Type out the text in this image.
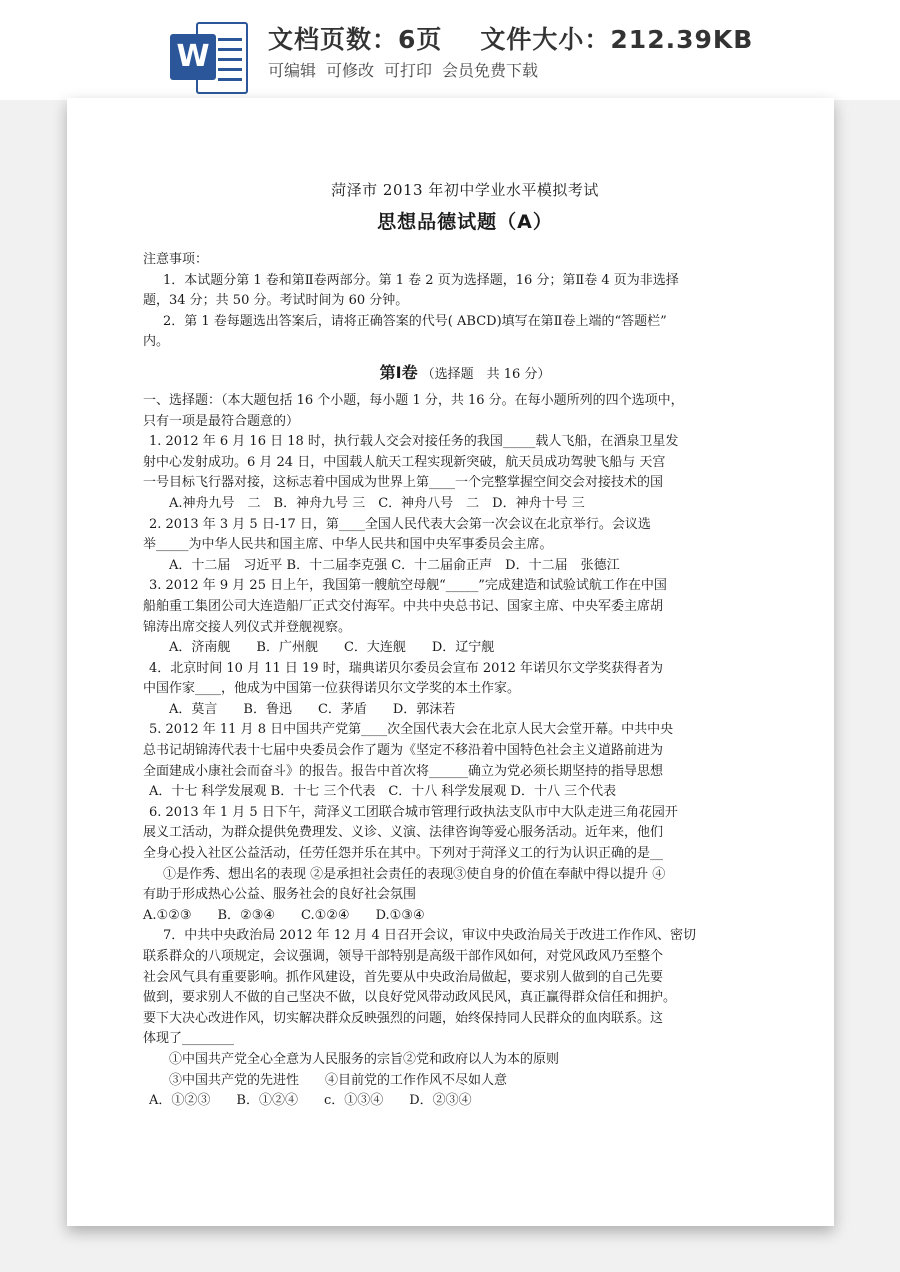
W 文档页数：6页 文件大小：212.39KB
可编辑 可修改 可打印 会员免费下载
菏泽市 2013 年初中学业水平模拟考试
思想品德试题（A）
注意事项：
1．本试题分第 1 卷和第Ⅱ卷两部分。第 1 卷 2 页为选择题，16 分；第Ⅱ卷 4 页为非选择
题，34 分；共 50 分。考试时间为 60 分钟。
2．第 1 卷每题选出答案后，请将正确答案的代号( ABCD)填写在第Ⅱ卷上端的“答题栏”
内。
第Ⅰ卷 （选择题　共 16 分）
一、选择题：（本大题包括 16 个小题，每小题 1 分，共 16 分。在每小题所列的四个选项中，
只有一项是最符合题意的）
1. 2012 年 6 月 16 日 18 时，执行载人交会对接任务的我国_____载人飞船，在酒泉卫星发
射中心发射成功。6 月 24 日，中国载人航天工程实现新突破，航天员成功驾驶飞船与 天宫
一号目标飞行器对接，这标志着中国成为世界上第____一个完整掌握空间交会对接技术的国
A.神舟九号　二　B．神舟九号 三　C．神舟八号　二　D．神舟十号 三
2. 2013 年 3 月 5 日-17 日，第____全国人民代表大会第一次会议在北京举行。会议选
举_____为中华人民共和国主席、中华人民共和国中央军事委员会主席。
A．十二届　习近平 B．十二届李克强 C．十二届俞正声　D．十二届　张德江
3. 2012 年 9 月 25 日上午，我国第一艘航空母舰“_____”完成建造和试验试航工作在中国
船舶重工集团公司大连造船厂正式交付海军。中共中央总书记、国家主席、中央军委主席胡
锦涛出席交接人列仪式并登舰视察。
A．济南舰　　B．广州舰　　C．大连舰　　D．辽宁舰
4．北京时间 10 月 11 日 19 时，瑞典诺贝尔委员会宣布 2012 年诺贝尔文学奖获得者为
中国作家____，他成为中国第一位获得诺贝尔文学奖的本土作家。
A．莫言　　B．鲁迅　　C．茅盾　　D．郭沫若
5. 2012 年 11 月 8 日中国共产党第____次全国代表大会在北京人民大会堂开幕。中共中央
总书记胡锦涛代表十七届中央委员会作了题为《坚定不移沿着中国特色社会主义道路前进为
全面建成小康社会而奋斗》的报告。报告中首次将______确立为党必须长期坚持的指导思想
A．十七 科学发展观 B．十七 三个代表　C．十八 科学发展观 D．十八 三个代表
6. 2013 年 1 月 5 日下午，菏泽义工团联合城市管理行政执法支队市中大队走进三角花园开
展义工活动，为群众提供免费理发、义诊、义演、法律咨询等爱心服务活动。近年来，他们
全身心投入社区公益活动，任劳任怨并乐在其中。下列对于菏泽义工的行为认识正确的是__
①是作秀、想出名的表现 ②是承担社会责任的表现③使自身的价值在奉献中得以提升 ④
有助于形成热心公益、服务社会的良好社会氛围
A.①②③　　B．②③④　　C.①②④　　D.①③④
7．中共中央政治局 2012 年 12 月 4 日召开会议，审议中央政治局关于改进工作作风、密切
联系群众的八项规定，会议强调，领导干部特别是高级干部作风如何，对党风政风乃至整个
社会风气具有重要影响。抓作风建设，首先要从中央政治局做起，要求别人做到的自己先要
做到，要求别人不做的自己坚决不做，以良好党风带动政风民风，真正赢得群众信任和拥护。
要下大决心改进作风，切实解决群众反映强烈的问题，始终保持同人民群众的血肉联系。这
体现了________
①中国共产党全心全意为人民服务的宗旨②党和政府以人为本的原则
③中国共产党的先进性　　④目前党的工作作风不尽如人意
A．①②③　　B．①②④　　c．①③④　　D．②③④
